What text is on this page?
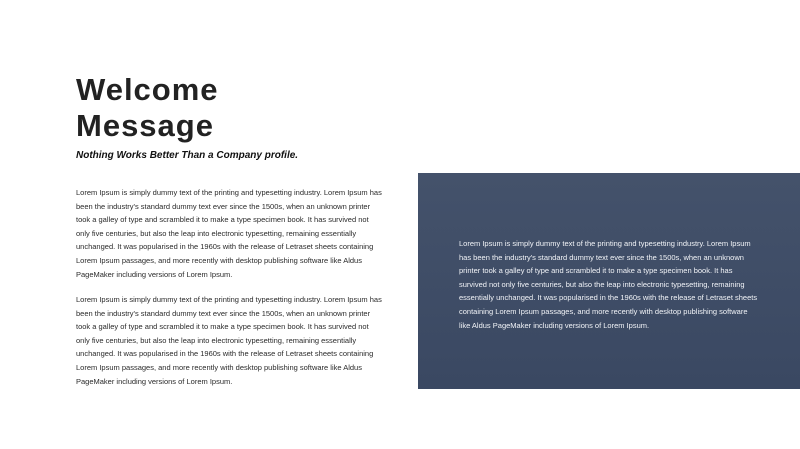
Welcome
Message

Nothing Works Better Than a Company profile.

Lorem Ipsum is simply dummy text of the printing and typesetting industry. Lorem Ipsum has been the industry's standard dummy text ever since the 1500s, when an unknown printer took a galley of type and scrambled it to make a type specimen book. It has survived not only five centuries, but also the leap into electronic typesetting, remaining essentially unchanged. It was popularised in the 1960s with the release of Letraset sheets containing Lorem Ipsum passages, and more recently with desktop publishing software like Aldus PageMaker including versions of Lorem Ipsum.

Lorem Ipsum is simply dummy text of the printing and typesetting industry. Lorem Ipsum has been the industry's standard dummy text ever since the 1500s, when an unknown printer took a galley of type and scrambled it to make a type specimen book. It has survived not only five centuries, but also the leap into electronic typesetting, remaining essentially unchanged. It was popularised in the 1960s with the release of Letraset sheets containing Lorem Ipsum passages, and more recently with desktop publishing software like Aldus PageMaker including versions of Lorem Ipsum.

Lorem Ipsum is simply dummy text of the printing and typesetting industry. Lorem Ipsum has been the industry's standard dummy text ever since the 1500s, when an unknown printer took a galley of type and scrambled it to make a type specimen book. It has survived not only five centuries, but also the leap into electronic typesetting, remaining essentially unchanged. It was popularised in the 1960s with the release of Letraset sheets containing Lorem Ipsum passages, and more recently with desktop publishing software like Aldus PageMaker including versions of Lorem Ipsum.
